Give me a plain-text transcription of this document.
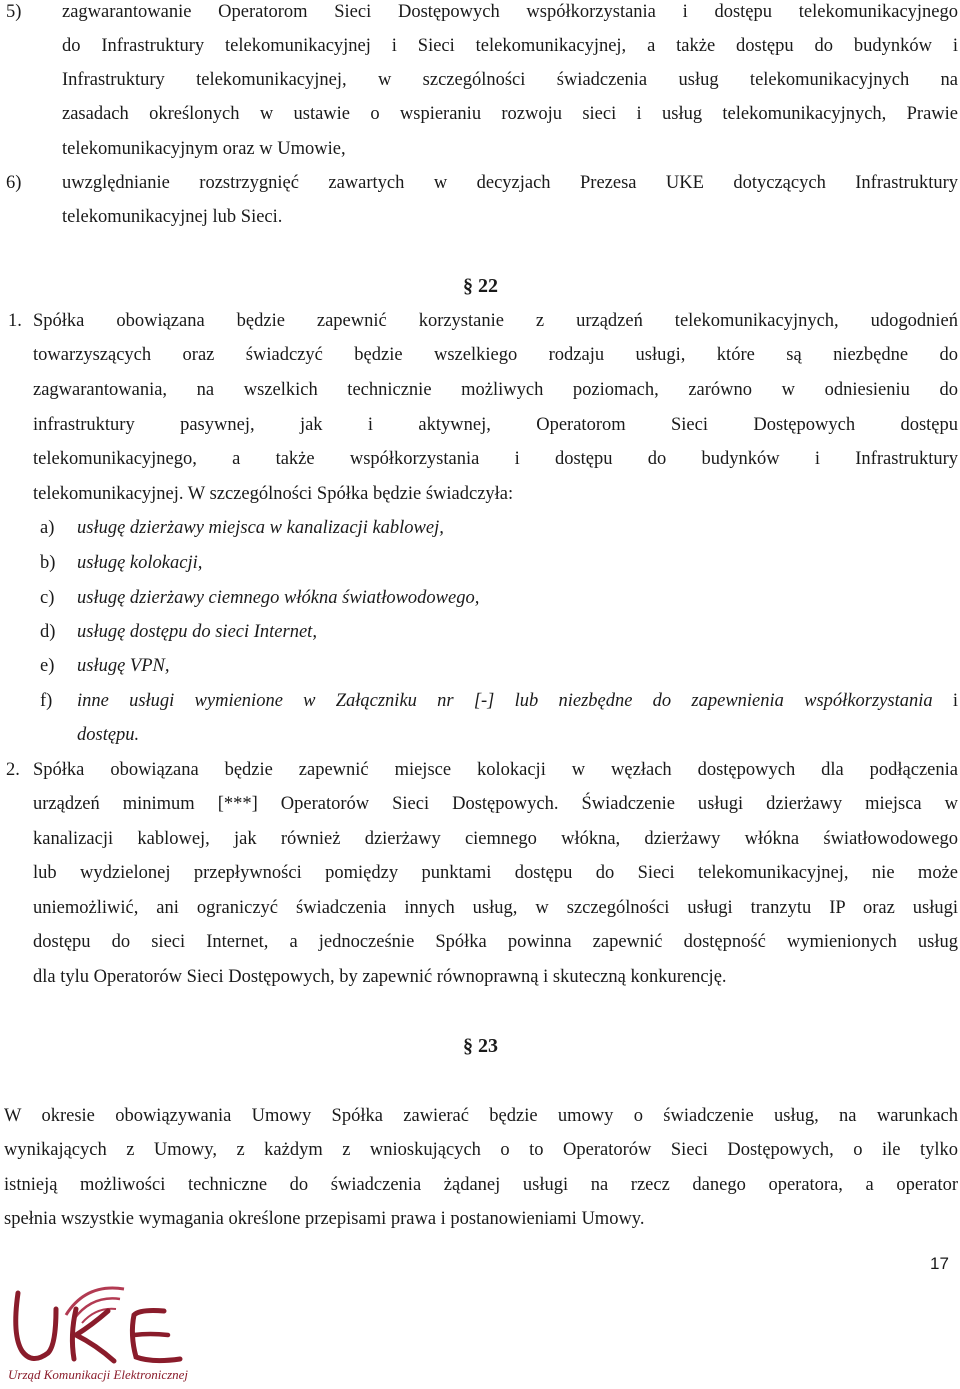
5) zagwarantowanie Operatorom Sieci Dostępowych współkorzystania i dostępu telekomunikacyjnego
do Infrastruktury telekomunikacyjnej i Sieci telekomunikacyjnej, a także dostępu do budynków i
Infrastruktury telekomunikacyjnej, w szczególności świadczenia usług telekomunikacyjnych na
zasadach określonych w ustawie o wspieraniu rozwoju sieci i usług telekomunikacyjnych, Prawie
telekomunikacyjnym oraz w Umowie,
6) uwzględnianie rozstrzygnięć zawartych w decyzjach Prezesa UKE dotyczących Infrastruktury
telekomunikacyjnej lub Sieci.
§ 22
1. Spółka obowiązana będzie zapewnić korzystanie z urządzeń telekomunikacyjnych, udogodnień
towarzyszących oraz świadczyć będzie wszelkiego rodzaju usługi, które są niezbędne do
zagwarantowania, na wszelkich technicznie możliwych poziomach, zarówno w odniesieniu do
infrastruktury pasywnej, jak i aktywnej, Operatorom Sieci Dostępowych dostępu
telekomunikacyjnego, a także współkorzystania i dostępu do budynków i Infrastruktury
telekomunikacyjnej. W szczególności Spółka będzie świadczyła:
a) usługę dzierżawy miejsca w kanalizacji kablowej,
b) usługę kolokacji,
c) usługę dzierżawy ciemnego włókna światłowodowego,
d) usługę dostępu do sieci Internet,
e) usługę VPN,
f) inne usługi wymienione w Załączniku nr [-] lub niezbędne do zapewnienia współkorzystania i
dostępu.
2. Spółka obowiązana będzie zapewnić miejsce kolokacji w węzłach dostępowych dla podłączenia
urządzeń minimum [***] Operatorów Sieci Dostępowych. Świadczenie usługi dzierżawy miejsca w
kanalizacji kablowej, jak również dzierżawy ciemnego włókna, dzierżawy włókna światłowodowego
lub wydzielonej przepływności pomiędzy punktami dostępu do Sieci telekomunikacyjnej, nie może
uniemożliwić, ani ograniczyć świadczenia innych usług, w szczególności usługi tranzytu IP oraz usługi
dostępu do sieci Internet, a jednocześnie Spółka powinna zapewnić dostępność wymienionych usług
dla tylu Operatorów Sieci Dostępowych, by zapewnić równoprawną i skuteczną konkurencję.
§ 23
W okresie obowiązywania Umowy Spółka zawierać będzie umowy o świadczenie usług, na warunkach
wynikających z Umowy, z każdym z wnioskujących o to Operatorów Sieci Dostępowych, o ile tylko
istnieją możliwości techniczne do świadczenia żądanej usługi na rzecz danego operatora, a operator
spełnia wszystkie wymagania określone przepisami prawa i postanowieniami Umowy.
17
Urząd Komunikacji Elektronicznej
